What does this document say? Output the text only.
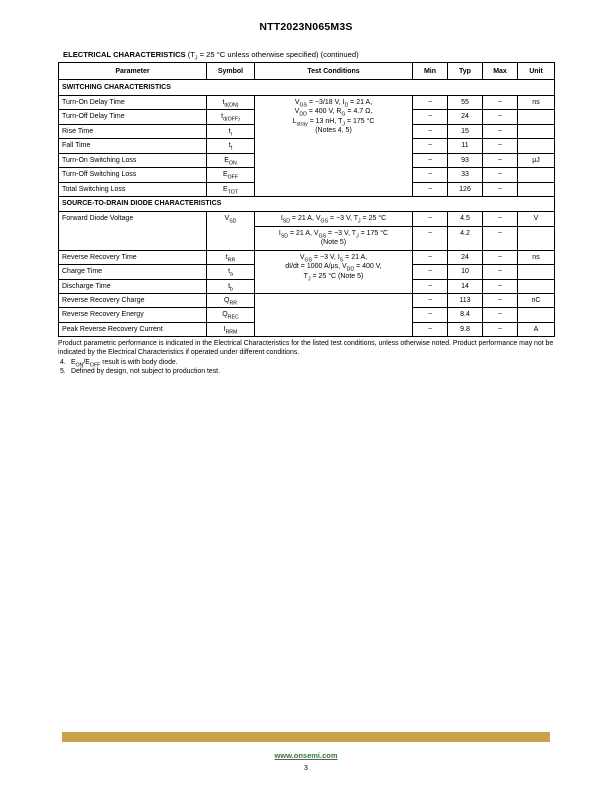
NTT2023N065M3S
ELECTRICAL CHARACTERISTICS ($T_J = 25$ °C unless otherwise specified) (continued)
Parameter	Symbol	Test Conditions	Min	Typ	Max	Unit
SWITCHING CHARACTERISTICS						
Turn-On Delay Time	$t_{d(ON)}$	$V_{GS} = -3/18$ V, $I_D = 21$ A,
$V_{DD} = 400$ V, $R_G = 4.7$ Ω,
$L_{stray} = 13$ nH, $T_J = 175$ °C
(Notes 4, 5)	−	55	−	ns
Turn-Off Delay Time	$t_{d(OFF)}$		−	24	−	
Rise Time	$t_r$		−	15	−	
Fall Time	$t_f$		−	11	−	
Turn-On Switching Loss	$E_{ON}$		−	93	−	μJ
Turn-Off Switching Loss	$E_{OFF}$		−	33	−	
Total Switching Loss	$E_{TOT}$		−	126	−	
SOURCE-TO-DRAIN DIODE CHARACTERISTICS						
Forward Diode Voltage	$V_{SD}$	$I_{SD} = 21$ A, $V_{GS} = -3$ V, $T_J = 25$ °C	−	4.5	−	V
		$I_{SD} = 21$ A, $V_{GS} = -3$ V, $T_J = 175$ °C
(Note 5)	−	4.2	−	
Reverse Recovery Time	$t_{RR}$	$V_{GS} = -3$ V, $I_S = 21$ A,
dI/dt = 1000 A/μs, $V_{DD} = 400$ V,
$T_J = 25$ °C (Note 5)	−	24	−	ns
Charge Time	$t_a$		−	10	−	
Discharge Time	$t_b$		−	14	−	
Reverse Recovery Charge	$Q_{RR}$		−	113	−	nC
Reverse Recovery Energy	$Q_{REC}$		−	8.4	−	
Peak Reverse Recovery Current	$I_{RRM}$		−	9.8	−	A
Product parametric performance is indicated in the Electrical Characteristics for the listed test conditions, unless otherwise noted. Product performance may not be indicated by the Electrical Characteristics if operated under different conditions.
4. $E_{ON}/E_{OFF}$ result is with body diode.
5. Defined by design, not subject to production test.
www.onsemi.com
3
